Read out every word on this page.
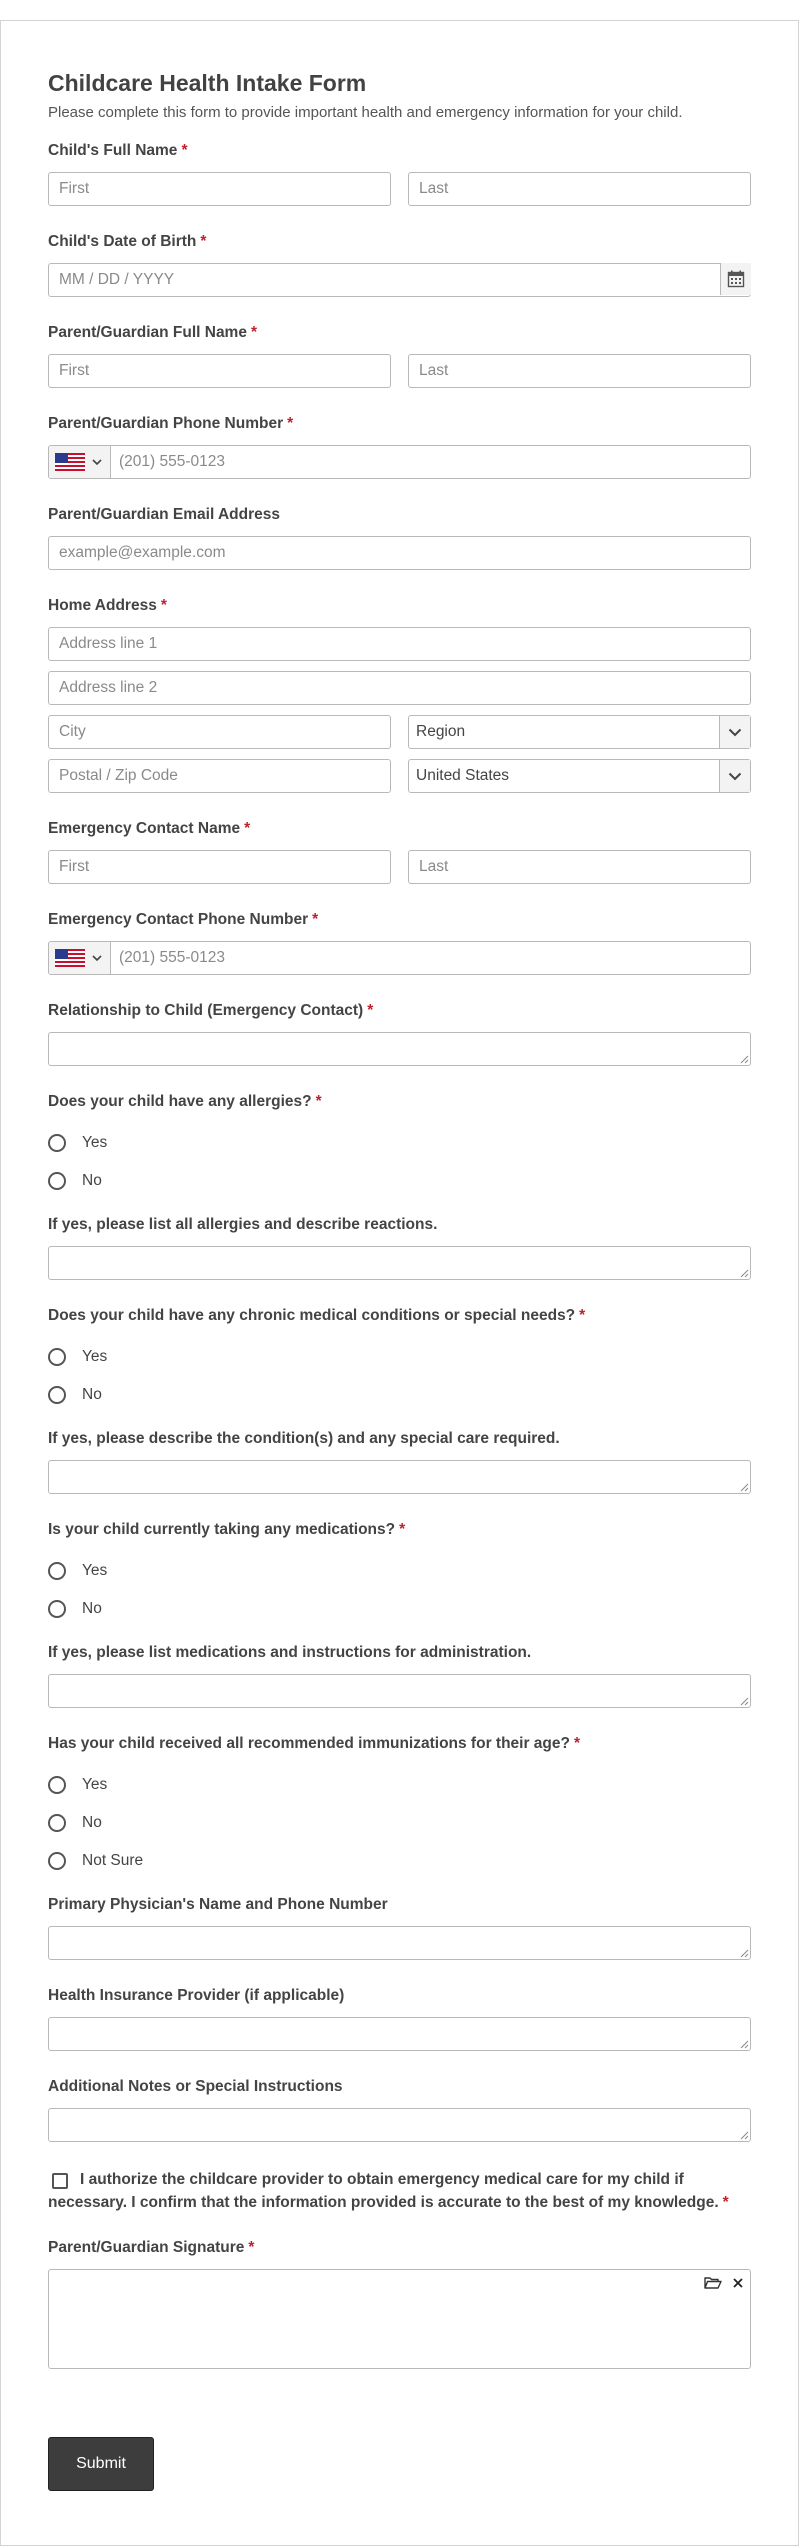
Childcare Health Intake Form
Please complete this form to provide important health and emergency information for your child.
Child's Full Name *
First
Last
Child's Date of Birth *
MM / DD / YYYY
Parent/Guardian Full Name *
First
Last
Parent/Guardian Phone Number *
(201) 555-0123
Parent/Guardian Email Address
example@example.com
Home Address *
Address line 1
Address line 2
City
Region
Postal / Zip Code
United States
Emergency Contact Name *
First
Last
Emergency Contact Phone Number *
(201) 555-0123
Relationship to Child (Emergency Contact) *
Does your child have any allergies? *
Yes
No
If yes, please list all allergies and describe reactions.
Does your child have any chronic medical conditions or special needs? *
Yes
No
If yes, please describe the condition(s) and any special care required.
Is your child currently taking any medications? *
Yes
No
If yes, please list medications and instructions for administration.
Has your child received all recommended immunizations for their age? *
Yes
No
Not Sure
Primary Physician's Name and Phone Number
Health Insurance Provider (if applicable)
Additional Notes or Special Instructions
I authorize the childcare provider to obtain emergency medical care for my child if
necessary. I confirm that the information provided is accurate to the best of my knowledge. *
Parent/Guardian Signature *
Submit
